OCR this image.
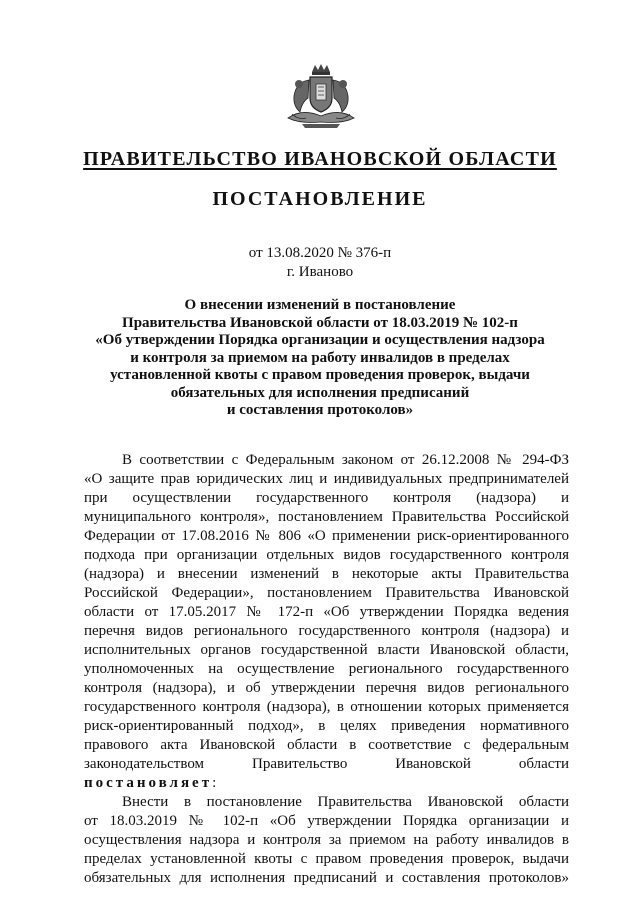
ПРАВИТЕЛЬСТВО ИВАНОВСКОЙ ОБЛАСТИ
ПОСТАНОВЛЕНИЕ
от 13.08.2020 № 376-п
г. Иваново
О внесении изменений в постановление
Правительства Ивановской области от 18.03.2019 № 102-п
«Об утверждении Порядка организации и осуществления надзора
и контроля за приемом на работу инвалидов в пределах
установленной квоты с правом проведения проверок, выдачи
обязательных для исполнения предписаний
и составления протоколов»
В соответствии с Федеральным законом от 26.12.2008 № 294-ФЗ
«О защите прав юридических лиц и индивидуальных предпринимателей
при осуществлении государственного контроля (надзора) и
муниципального контроля», постановлением Правительства Российской
Федерации от 17.08.2016 № 806 «О применении риск-ориентированного
подхода при организации отдельных видов государственного контроля
(надзора) и внесении изменений в некоторые акты Правительства
Российской Федерации», постановлением Правительства Ивановской
области от 17.05.2017 № 172-п «Об утверждении Порядка ведения
перечня видов регионального государственного контроля (надзора) и
исполнительных органов государственной власти Ивановской области,
уполномоченных на осуществление регионального государственного
контроля (надзора), и об утверждении перечня видов регионального
государственного контроля (надзора), в отношении которых применяется
риск-ориентированный подход», в целях приведения нормативного
правового акта Ивановской области в соответствие с федеральным
законодательством Правительство Ивановской области
постановляет:
Внести в постановление Правительства Ивановской области
от 18.03.2019 № 102-п «Об утверждении Порядка организации и
осуществления надзора и контроля за приемом на работу инвалидов в
пределах установленной квоты с правом проведения проверок, выдачи
обязательных для исполнения предписаний и составления протоколов»
